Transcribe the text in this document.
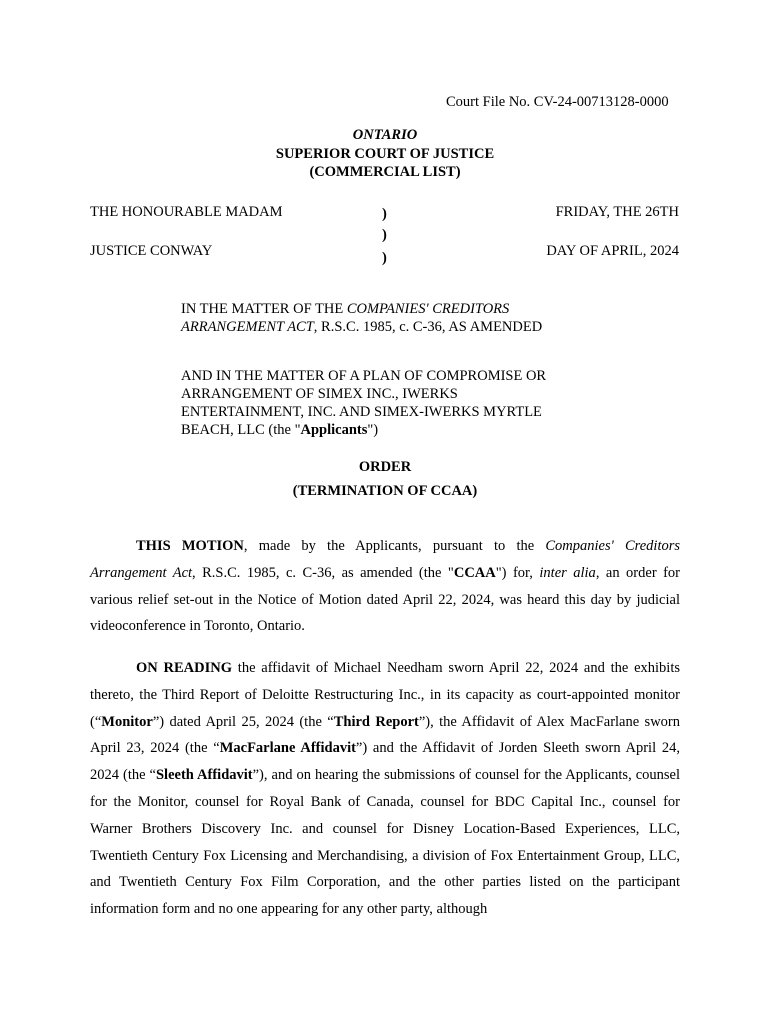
Court File No. CV-24-00713128-0000
ONTARIO
SUPERIOR COURT OF JUSTICE
(COMMERCIAL LIST)
THE HONOURABLE MADAM
JUSTICE CONWAY
)
)
)
FRIDAY, THE 26TH
DAY OF APRIL, 2024
IN THE MATTER OF THE COMPANIES' CREDITORS
ARRANGEMENT ACT, R.S.C. 1985, c. C-36, AS AMENDED
AND IN THE MATTER OF A PLAN OF COMPROMISE OR
ARRANGEMENT OF SIMEX INC., IWERKS
ENTERTAINMENT, INC. AND SIMEX-IWERKS MYRTLE
BEACH, LLC (the "Applicants")
ORDER
(TERMINATION OF CCAA)
THIS MOTION, made by the Applicants, pursuant to the Companies' Creditors Arrangement Act, R.S.C. 1985, c. C-36, as amended (the "CCAA") for, inter alia, an order for various relief set-out in the Notice of Motion dated April 22, 2024, was heard this day by judicial videoconference in Toronto, Ontario.
ON READING the affidavit of Michael Needham sworn April 22, 2024 and the exhibits thereto, the Third Report of Deloitte Restructuring Inc., in its capacity as court-appointed monitor (“Monitor”) dated April 25, 2024 (the “Third Report”), the Affidavit of Alex MacFarlane sworn April 23, 2024 (the “MacFarlane Affidavit”) and the Affidavit of Jorden Sleeth sworn April 24, 2024 (the “Sleeth Affidavit”), and on hearing the submissions of counsel for the Applicants, counsel for the Monitor, counsel for Royal Bank of Canada, counsel for BDC Capital Inc., counsel for Warner Brothers Discovery Inc. and counsel for Disney Location-Based Experiences, LLC, Twentieth Century Fox Licensing and Merchandising, a division of Fox Entertainment Group, LLC, and Twentieth Century Fox Film Corporation, and the other parties listed on the participant information form and no one appearing for any other party, although
